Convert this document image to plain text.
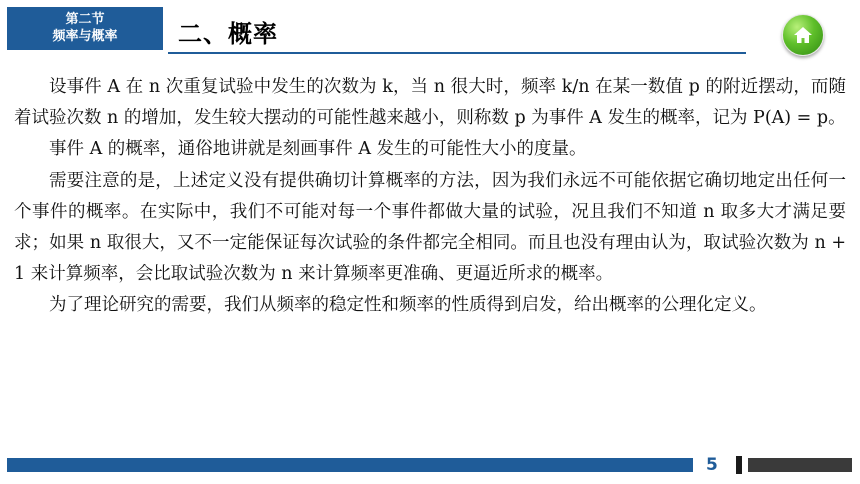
第二节
频率与概率	二、概率

设事件 A 在 n 次重复试验中发生的次数为 k，当 n 很大时，频率 k/n 在某一数值 p 的附近摆动，而随着试验次数 n 的增加，发生较大摆动的可能性越来越小，则称数 p 为事件 A 发生的概率，记为 P(A) = p。

事件 A 的概率，通俗地讲就是刻画事件 A 发生的可能性大小的度量。

需要注意的是，上述定义没有提供确切计算概率的方法，因为我们永远不可能依据它确切地定出任何一个事件的概率。在实际中，我们不可能对每一个事件都做大量的试验，况且我们不知道 n 取多大才满足要求；如果 n 取很大，又不一定能保证每次试验的条件都完全相同。而且也没有理由认为，取试验次数为 n + 1 来计算频率，会比取试验次数为 n 来计算频率更准确、更逼近所求的概率。

为了理论研究的需要，我们从频率的稳定性和频率的性质得到启发，给出概率的公理化定义。

5
